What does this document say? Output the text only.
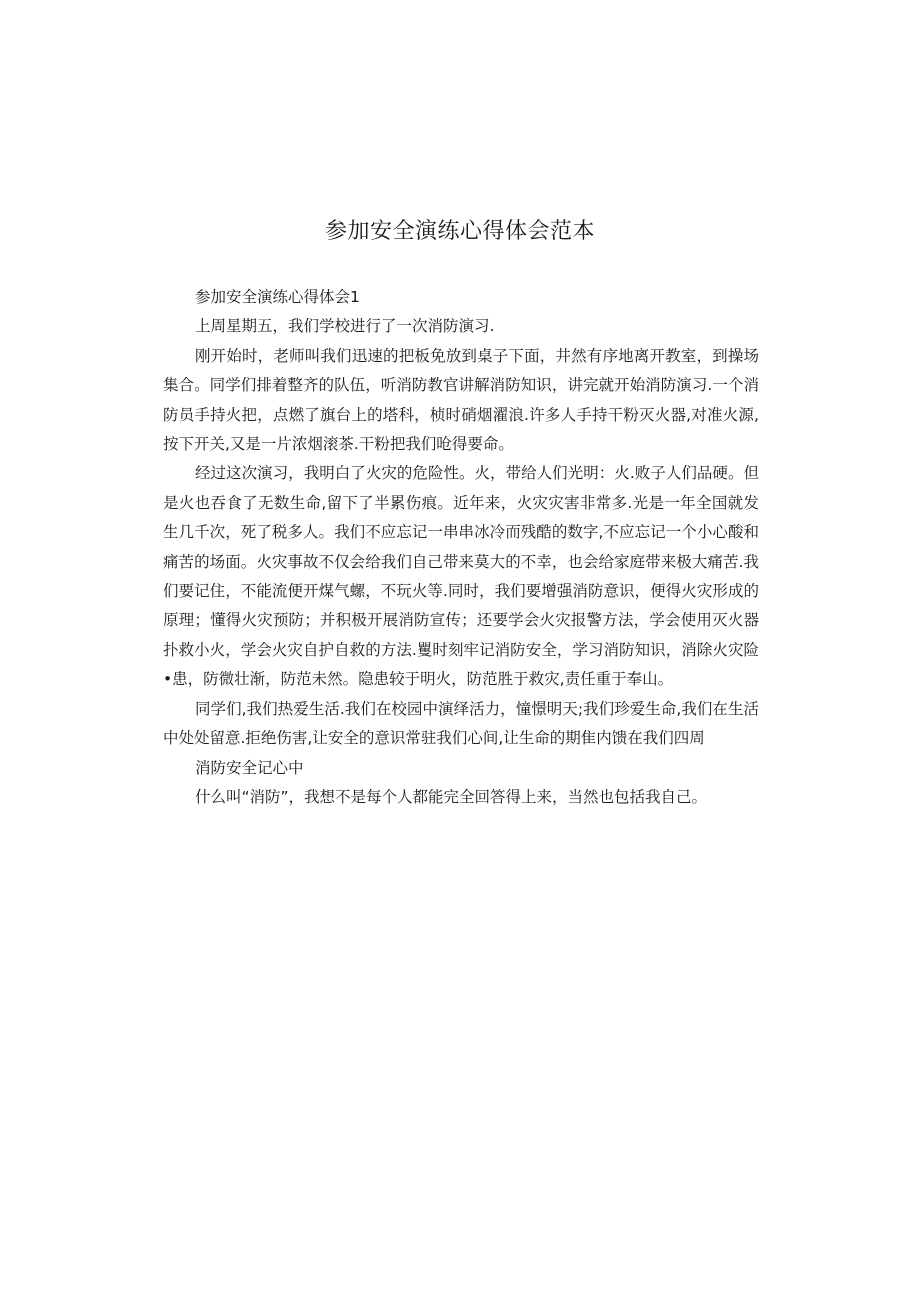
参加安全演练心得体会范本

参加安全演练心得体会1

上周星期五，我们学校进行了一次消防演习.

刚开始时，老师叫我们迅速的把板免放到桌子下面，井然有序地离开教室，到操场集合。同学们排着整齐的队伍，听消防教官讲解消防知识，讲完就开始消防演习.一个消防员手持火把，点燃了旗台上的塔科，桢时硝烟濯浪.许多人手持干粉灭火器,对准火源,按下开关,又是一片浓烟滚茶.干粉把我们呛得要命。

经过这次演习，我明白了火灾的危险性。火，带给人们光明：火.败子人们品硬。但是火也吞食了无数生命,留下了半累伤痕。近年来，火灾灾害非常多.光是一年全国就发生几千次，死了税多人。我们不应忘记一串串冰冷而残酷的数字,不应忘记一个小心酸和痛苦的场面。火灾事故不仅会给我们自己带来莫大的不幸，也会给家庭带来极大痛苦.我们要记住，不能流便开煤气螺，不玩火等.同时，我们要增强消防意识，便得火灾形成的原理；懂得火灾预防；并积极开展消防宣传；还要学会火灾报警方法，学会使用灭火器扑救小火，学会火灾自护自救的方法.矍时刻牢记消防安全，学习消防知识，消除火灾险•患，防微壮渐，防范未然。隐患较于明火，防范胜于救灾,责任重于奉山。

同学们,我们热爱生活.我们在校园中演绎活力，憧憬明天;我们珍爱生命,我们在生活中处处留意.拒绝伤害,让安全的意识常驻我们心间,让生命的期隹内馈在我们四周

消防安全记心中

什么叫“消防”，我想不是每个人都能完全回答得上来，当然也包括我自己。
